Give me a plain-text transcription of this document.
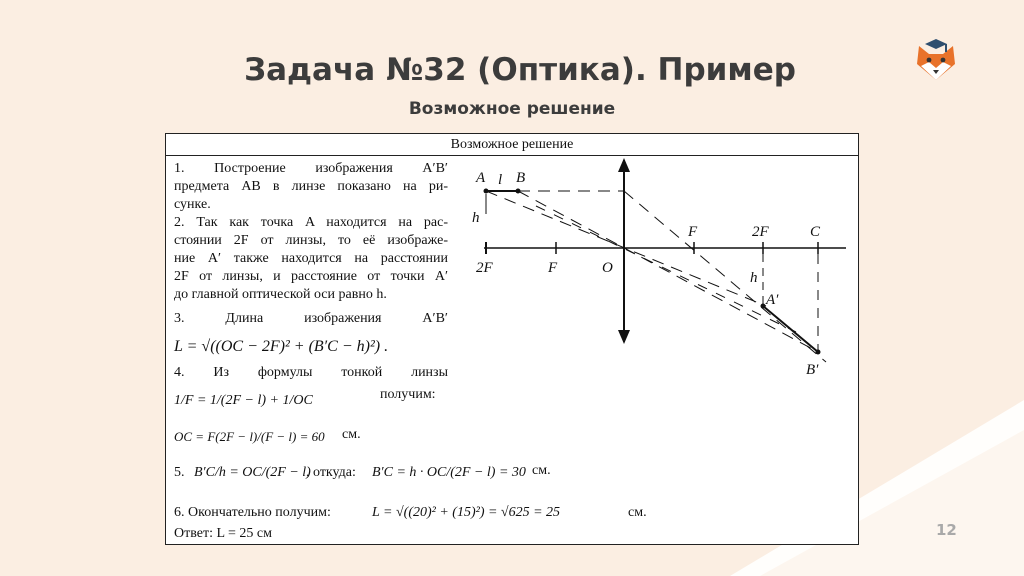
Задача №32 (Оптика). Пример
Возможное решение
Возможное решение
1. Построение изображения A′B′
предмета AB в линзе показано на ри-
сунке.
2. Так как точка A находится на рас-
стоянии 2F от линзы, то её изображе-
ние A′ также находится на расстоянии
2F от линзы, и расстояние от точки A′
до главной оптической оси равно h.
3. Длина изображения A′B′
L = √((OC − 2F)² + (B′C − h)²) .
4. Из формулы тонкой линзы
1/F = 1/(2F − l) + 1/OC	получим:
OC = F(2F − l)/(F − l) = 60 см.
5. B′C/h = OC/(2F − l)
, откуда: B′C = h · OC/(2F − l) = 30 см.
6. Окончательно получим:	L = √((20)² + (15)²) = √625 = 25	см.
Ответ: L = 25 см
A l B
h
F	2F	C
2F	F	O
h
A′
B′
12
